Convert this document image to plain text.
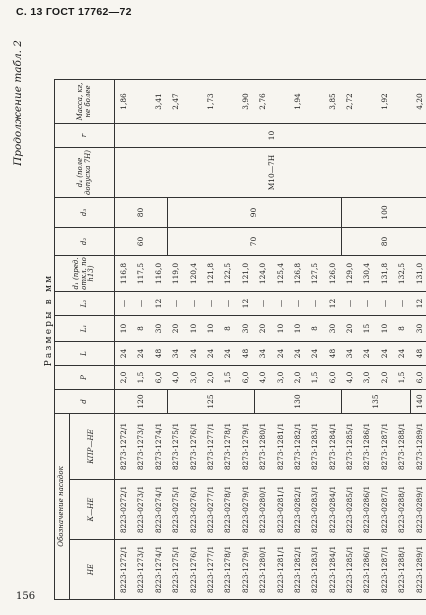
С. 13 ГОСТ 17762—72
Продолжение табл. 2
Размеры в мм
Обозначение насадок			d	P	L	L₁	L₂	d₁ (пред. откл. по h13)	d₂	d₃	d₄ (поле допуска 7H)	r	Масса, кг, не более
НЕ	К—НЕ	КПР—НЕ											
8223-1272/1	8223-0272/1	8273-1272/1	120	2,0	24	10	—	116,8	60	80	M10—7H	10	1,86
8223-1273/1	8223-0273/1	8273-1273/1		1,5	24	8	—	117,5					
8223-1274/1	8223-0274/1	8273-1274/1		6,0	48	30	12	116,0					3,41
8223-1275/1	8223-0275/1	8273-1275/1	125	4,0	34	20	—	119,0	70	90			2,47
8223-1276/1	8223-0276/1	8273-1276/1		3,0	24	10	—	120,4					
8223-1277/1	8223-0277/1	8273-1277/1		2,0	24	10	—	121,8					1,73
8223-1278/1	8223-0278/1	8273-1278/1		1,5	24	8	—	122,5					
8223-1279/1	8223-0279/1	8273-1279/1		6,0	48	30	12	121,0					3,90
8223-1280/1	8223-0280/1	8273-1280/1	130	4,0	34	20	—	124,0					2,76
8223-1281/1	8223-0281/1	8273-1281/1		3,0	24	10	—	125,4					
8223-1282/1	8223-0282/1	8273-1282/1		2,0	24	10	—	126,8					1,94
8223-1283/1	8223-0283/1	8273-1283/1		1,5	24	8	—	127,5					
8223-1284/1	8223-0284/1	8273-1284/1		6,0	48	30	12	126,0					3,85
8223-1285/1	8223-0285/1	8273-1285/1	135	4,0	34	20	—	129,0	80	100			2,72
8223-1286/1	8223-0286/1	8273-1286/1		3,0	24	15	—	130,4					
8223-1287/1	8223-0287/1	8273-1287/1		2,0	24	10	—	131,8					1,92
8223-1288/1	8223-0288/1	8273-1288/1		1,5	24	8	—	132,5					
8223-1289/1	8223-0289/1	8273-1289/1	140	6,0	48	30	12	131,0					4,20
156
